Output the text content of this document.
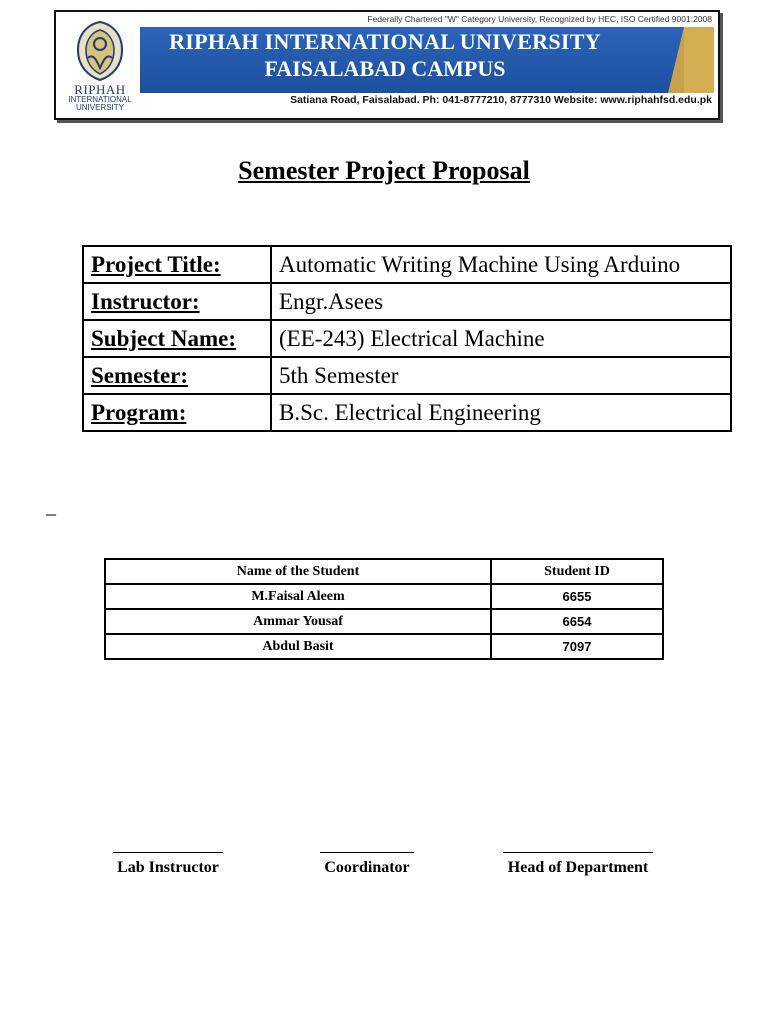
RIPHAH
INTERNATIONAL
UNIVERSITY
Federally Chartered "W" Category University, Recognized by HEC, ISO Certified 9001:2008
RIPHAH INTERNATIONAL UNIVERSITY
FAISALABAD CAMPUS
Satiana Road, Faisalabad. Ph: 041-8777210, 8777310 Website: www.riphahfsd.edu.pk
Semester Project Proposal
Project Title:	Automatic Writing Machine Using Arduino
Instructor:	Engr.Asees
Subject Name:	(EE-243) Electrical Machine
Semester:	5th Semester
Program:	B.Sc. Electrical Engineering
_
Name of the Student	Student ID
M.Faisal Aleem	6655
Ammar Yousaf	6654
Abdul Basit	7097
Lab Instructor	Coordinator	Head of Department
